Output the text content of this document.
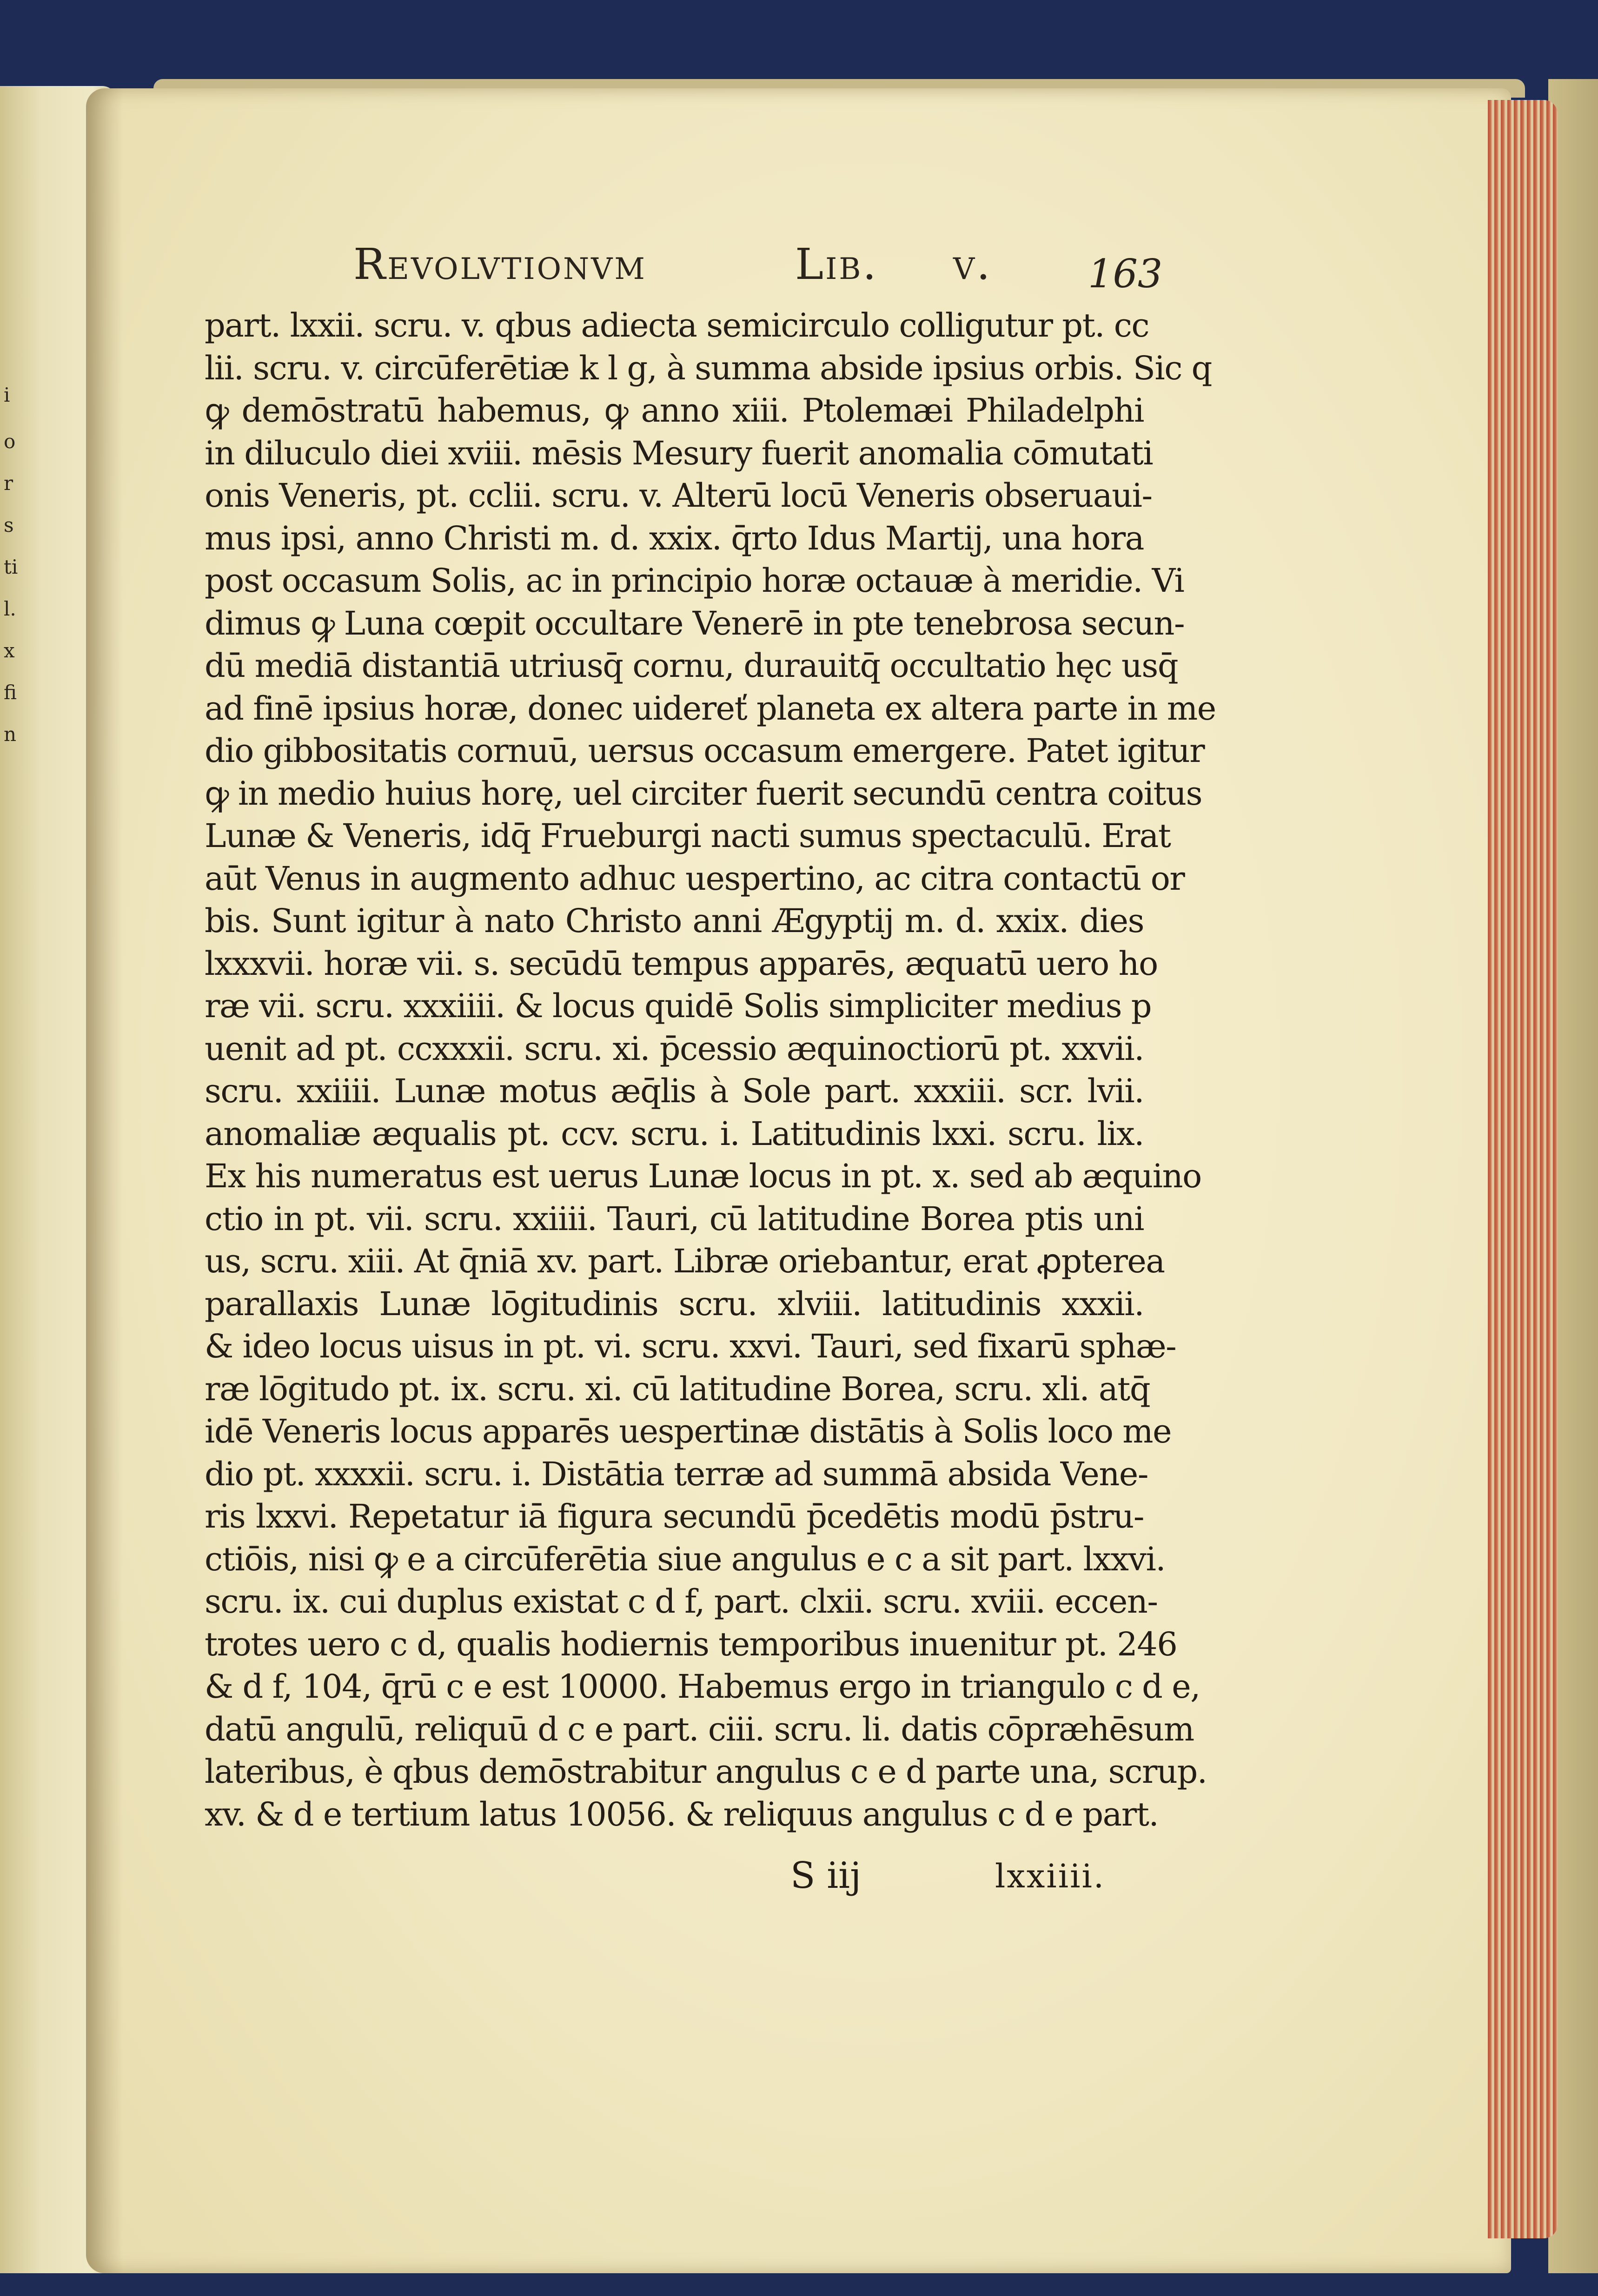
i
o
r
s
ti
l.
x
fi
n
Revolvtionvm	Lib. v. 163
part. lxxii. scru. v. qbus adiecta semicirculo colligutur pt. cc
lii. scru. v. circūferētiæ k l g, à summa abside ipsius orbis. Sic q
ꝙ demōstratū habemus, ꝙ anno xiii. Ptolemæi Philadelphi
in diluculo diei xviii. mēsis Mesury fuerit anomalia cōmutati
onis Veneris, pt. cclii. scru. v. Alterū locū Veneris obseruaui-
mus ipsi, anno Christi m. d. xxix. q̄rto Idus Martij, una hora
post occasum Solis, ac in principio horæ octauæ à meridie. Vi
dimus ꝙ Luna cœpit occultare Venerē in pte tenebrosa secun-
dū mediā distantiā utriusq̄ cornu, durauitq̄ occultatio hęc usq̄
ad finē ipsius horæ, donec uidereť planeta ex altera parte in me
dio gibbositatis cornuū, uersus occasum emergere. Patet igitur
ꝙ in medio huius horę, uel circiter fuerit secundū centra coitus
Lunæ & Veneris, idq̄ Frueburgi nacti sumus spectaculū. Erat
aūt Venus in augmento adhuc uespertino, ac citra contactū or
bis. Sunt igitur à nato Christo anni Ægyptij m. d. xxix. dies
lxxxvii. horæ vii. s. secūdū tempus apparēs, æquatū uero ho
ræ vii. scru. xxxiiii. & locus quidē Solis simpliciter medius p
uenit ad pt. ccxxxii. scru. xi. p̄cessio æquinoctiorū pt. xxvii.
scru. xxiiii. Lunæ motus æq̄lis à Sole part. xxxiii. scr. lvii.
anomaliæ æqualis pt. ccv. scru. i. Latitudinis lxxi. scru. lix.
Ex his numeratus est uerus Lunæ locus in pt. x. sed ab æquino
ctio in pt. vii. scru. xxiiii. Tauri, cū latitudine Borea ptis uni
us, scru. xiii. At q̄niā xv. part. Libræ oriebantur, erat ꝓpterea
parallaxis Lunæ lōgitudinis scru. xlviii. latitudinis xxxii.
& ideo locus uisus in pt. vi. scru. xxvi. Tauri, sed fixarū sphæ-
ræ lōgitudo pt. ix. scru. xi. cū latitudine Borea, scru. xli. atq̄
idē Veneris locus apparēs uespertinæ distātis à Solis loco me
dio pt. xxxxii. scru. i. Distātia terræ ad summā absida Vene-
ris lxxvi. Repetatur iā figura secundū p̄cedētis modū p̄stru-
ctiōis, nisi ꝙ e a circūferētia siue angulus e c a sit part. lxxvi.
scru. ix. cui duplus existat c d f, part. clxii. scru. xviii. eccen-
trotes uero c d, qualis hodiernis temporibus inuenitur pt. 246
& d f, 104, q̄rū c e est 10000. Habemus ergo in triangulo c d e,
datū angulū, reliquū d c e part. ciii. scru. li. datis cōpræhēsum
lateribus, è qbus demōstrabitur angulus c e d parte una, scrup.
xv. & d e tertium latus 10056. & reliquus angulus c d e part.
S iij	lxxiiii.
